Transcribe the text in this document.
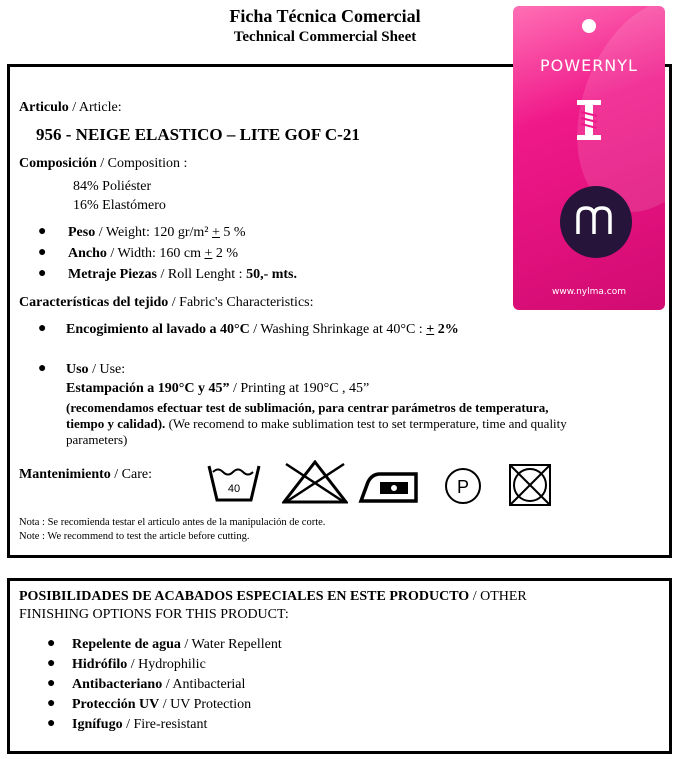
Ficha Técnica Comercial
Technical Commercial Sheet
POWERNYL
www.nylma.com
Articulo / Article:
956 - NEIGE ELASTICO – LITE GOF C-21
Composición / Composition :
84% Poliéster
16% Elastómero
● Peso / Weight: 120 gr/m² + 5 %
● Ancho / Width: 160 cm + 2 %
● Metraje Piezas / Roll Lenght : 50,- mts.
Características del tejido / Fabric's Characteristics:
● Encogimiento al lavado a 40°C / Washing Shrinkage at 40°C : + 2%
● Uso / Use:
Estampación a 190°C y 45” / Printing at 190°C , 45”
(recomendamos efectuar test de sublimación, para centrar parámetros de temperatura,
tiempo y calidad). (We recomend to make sublimation test to set termperature, time and quality
parameters)
Mantenimiento / Care:
40	P
Nota : Se recomienda testar el articulo antes de la manipulación de corte.
Note : We recommend to test the article before cutting.
POSIBILIDADES DE ACABADOS ESPECIALES EN ESTE PRODUCTO / OTHER
FINISHING OPTIONS FOR THIS PRODUCT:
● Repelente de agua / Water Repellent
● Hidrófilo / Hydrophilic
● Antibacteriano / Antibacterial
● Protección UV / UV Protection
● Ignífugo / Fire-resistant
